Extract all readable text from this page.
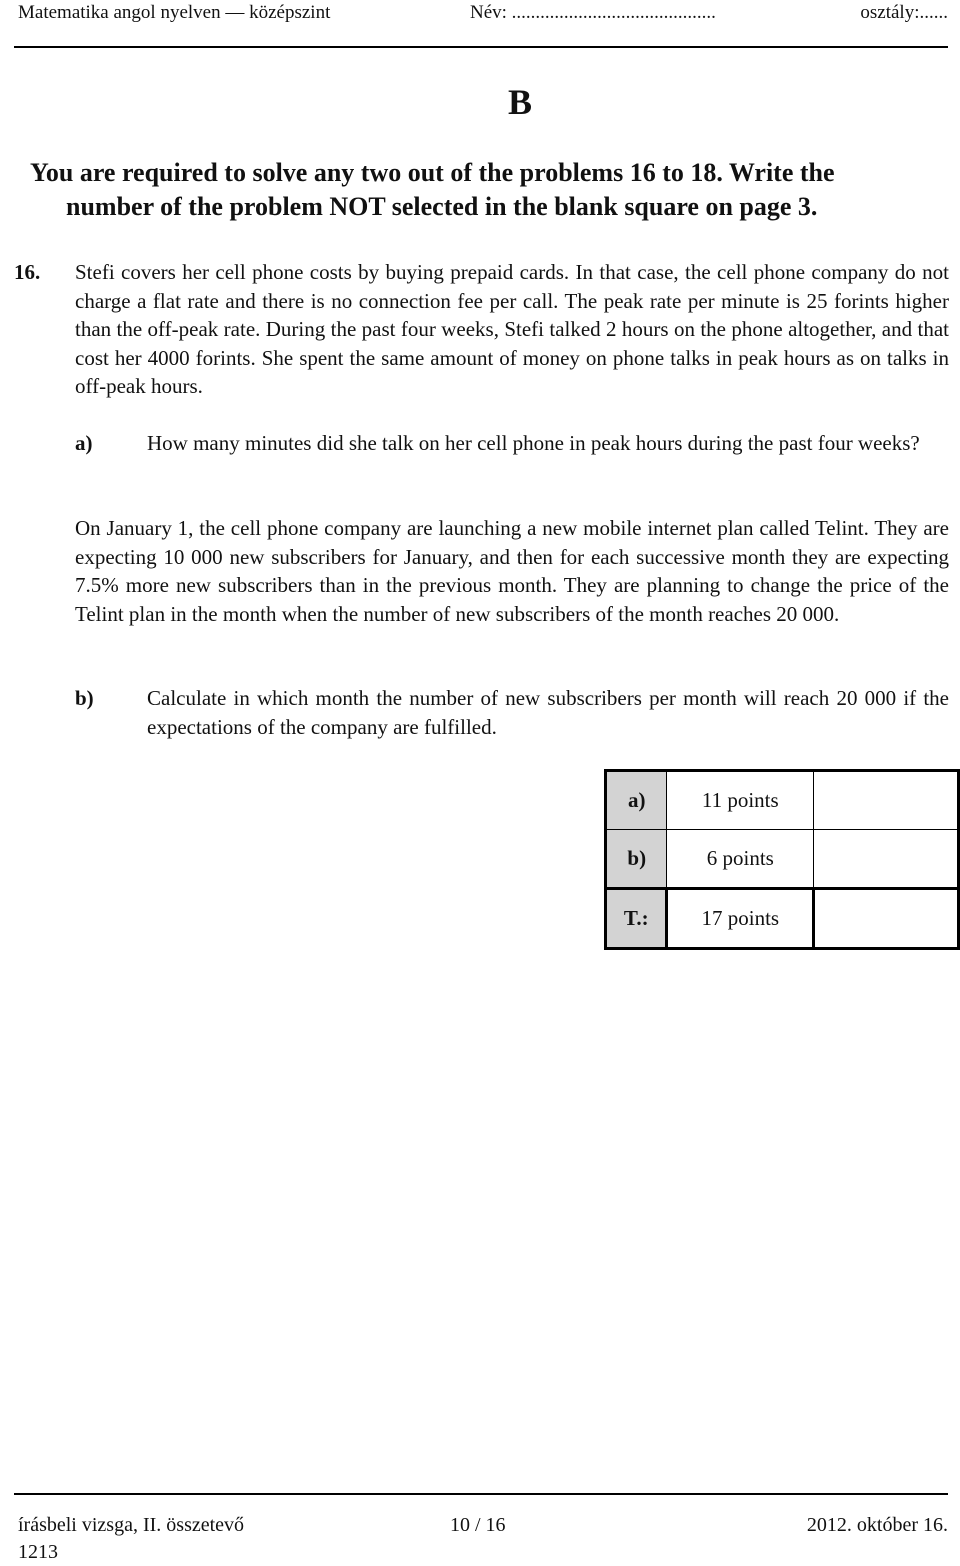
Matematika angol nyelven — középszint	Név: ...........................................	osztály:......
B
You are required to solve any two out of the problems 16 to 18. Write the
number of the problem NOT selected in the blank square on page 3.
16. Stefi covers her cell phone costs by buying prepaid cards. In that case, the cell phone company do not charge a flat rate and there is no connection fee per call. The peak rate per minute is 25 forints higher than the off-peak rate. During the past four weeks, Stefi talked 2 hours on the phone altogether, and that cost her 4000 forints. She spent the same amount of money on phone talks in peak hours as on talks in off-peak hours.
a)	How many minutes did she talk on her cell phone in peak hours during the past four weeks?
On January 1, the cell phone company are launching a new mobile internet plan called Telint. They are expecting 10 000 new subscribers for January, and then for each successive month they are expecting 7.5% more new subscribers than in the previous month. They are planning to change the price of the Telint plan in the month when the number of new subscribers of the month reaches 20 000.
b)	Calculate in which month the number of new subscribers per month will reach 20 000 if the expectations of the company are fulfilled.
a)	11 points	
b)	6 points	
T.:	17 points	
írásbeli vizsga, II. összetevő	10 / 16	2012. október 16.
1213
